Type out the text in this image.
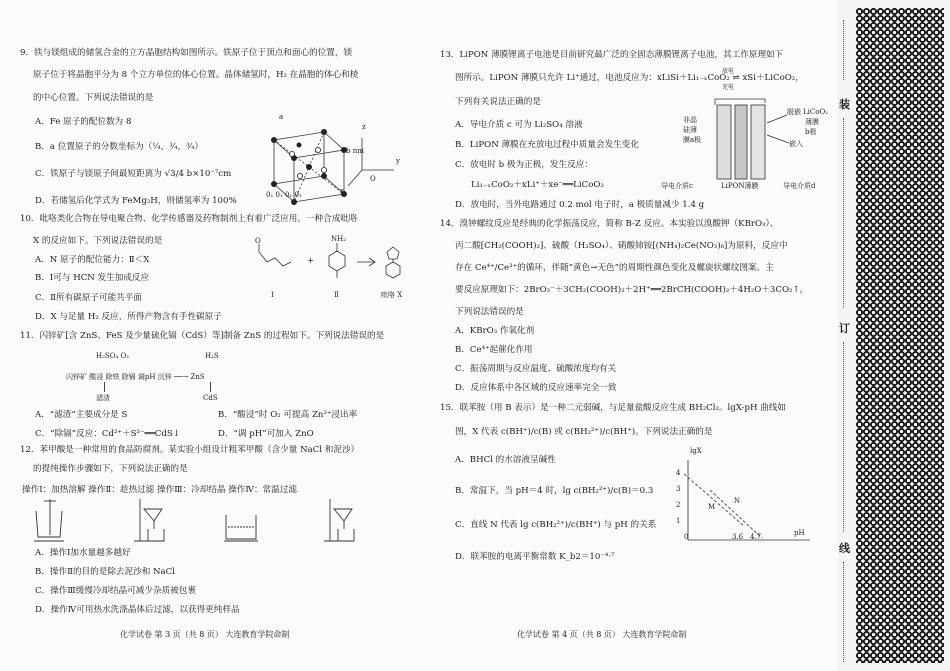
9．铁与镁组成的储氢合金的立方晶胞结构如图所示。铁原子位于顶点和面心的位置，镁
原子位于将晶胞平分为 8 个立方单位的体心位置。晶体储氢时，H₂ 在晶胞的体心和棱
的中心位置。下列说法错误的是
A．Fe 原子的配位数为 8
B．a 位置原子的分数坐标为（¼，¾，¾）
C．铁原子与镁原子间最短距离为 √3/4 b×10⁻⁷cm
D．若储氢后化学式为 FeMg₂H，则储氢率为 100%
a
b nm
y
z
x
O
0₁ 0₁ 0₁ 0₁
10．吡咯类化合物在导电聚合物、化学传感器及药物制剂上有着广泛应用。一种合成吡咯
X 的反应如下。下列说法错误的是
A．N 原子的配位能力：Ⅱ＜X
B．Ⅰ可与 HCN 发生加成反应
C．Ⅱ所有碳原子可能共平面
D．X 与足量 H₂ 反应，所得产物含有手性碳原子
O	NH₂
+
Ⅰ	Ⅱ	吡咯 X
11．闪锌矿[含 ZnS、FeS 及少量硫化镉（CdS）等]制备 ZnS 的过程如下。下列说法错误的是
H₂SO₄ O₂	H₂S
闪锌矿 酸浸 除铁 除镉 调pH 沉锌 ──→ ZnS
滤渣	CdS
A．“滤渣”主要成分是 S	B．“酸浸”时 O₂ 可提高 Zn²⁺浸出率
C．“除镉”反应：Cd²⁺＋S²⁻══CdS↓	D．“调 pH”可加入 ZnO
12．苯甲酸是一种常用的食品防腐剂。某实验小组设计粗苯甲酸（含少量 NaCl 和泥沙）
的提纯操作步骤如下，下列说法正确的是
操作Ⅰ：加热溶解 操作Ⅱ：趁热过滤 操作Ⅲ：冷却结晶 操作Ⅳ：常温过滤
A．操作Ⅰ加水量越多越好
B．操作Ⅱ的目的是除去泥沙和 NaCl
C．操作Ⅲ缓慢冷却结晶可减少杂质被包裹
D．操作Ⅳ可用热水洗涤晶体后过滤，以获得更纯样品
化学试卷 第 3 页（共 8 页） 大连教育学院命制
13．LiPON 薄膜锂离子电池是目前研究最广泛的全固态薄膜锂离子电池，其工作原理如下
图所示。LiPON 薄膜只允许 Li⁺通过，电池反应为：xLiSi＋Li₁₋ₓCoO₂ ⇌ xSi＋LiCoO₂，
放电
充电
下列有关说法正确的是
A．导电介质 c 可为 Li₂SO₄ 溶液
B．LiPON 薄膜在充放电过程中质量会发生变化
C．放电时 b 极为正极，发生反应：
Li₁₋ₓCoO₂＋xLi⁺＋xe⁻══LiCoO₂
D．放电时，当外电路通过 0.2 mol 电子时，a 极质量减少 1.4 g
非晶
硅薄
膜a极
LiCoO₂
薄膜
b极
脱嵌
嵌入
导电介质c	LiPON薄膜	导电介质d
14．溴钟螺纹反应是经典的化学振荡反应，简称 B-Z 反应。本实验以溴酸钾（KBrO₃）、
丙二酸[CH₂(COOH)₂]、硫酸（H₂SO₄）、硝酸铈铵[(NH₄)₂Ce(NO₃)₆]为原料，反应中
存在 Ce⁴⁺/Ce³⁺的循环，伴随“黄色→无色”的周期性颜色变化及螺旋状螺纹图案。主
要反应原理如下：2BrO₃⁻＋3CH₂(COOH)₂＋2H⁺══2BrCH(COOH)₂＋4H₂O＋3CO₂↑，
下列说法错误的是
A．KBrO₃ 作氧化剂
B．Ce⁴⁺起催化作用
C．振荡周期与反应温度、硫酸浓度均有关
D．反应体系中各区域的反应速率完全一致
15．联苯胺（用 B 表示）是一种二元弱碱，与足量盐酸反应生成 BH₂Cl₂。lgX-pH 曲线如
图，X 代表 c(BH⁺)/c(B) 或 c(BH₂²⁺)/c(BH⁺)。下列说法正确的是
A．BHCl 的水溶液呈碱性
B．常温下，当 pH＝4 时，lg c(BH₂²⁺)/c(B)＝0.3
C．直线 N 代表 lg c(BH₂²⁺)/c(BH⁺) 与 pH 的关系
D．联苯胺的电离平衡常数 K_b2＝10⁻⁴·⁷
lgX
pH
M
N
4
3
2
1
0	3.6 4.7
化学试卷 第 4 页（共 8 页） 大连教育学院命制
装
订
线
